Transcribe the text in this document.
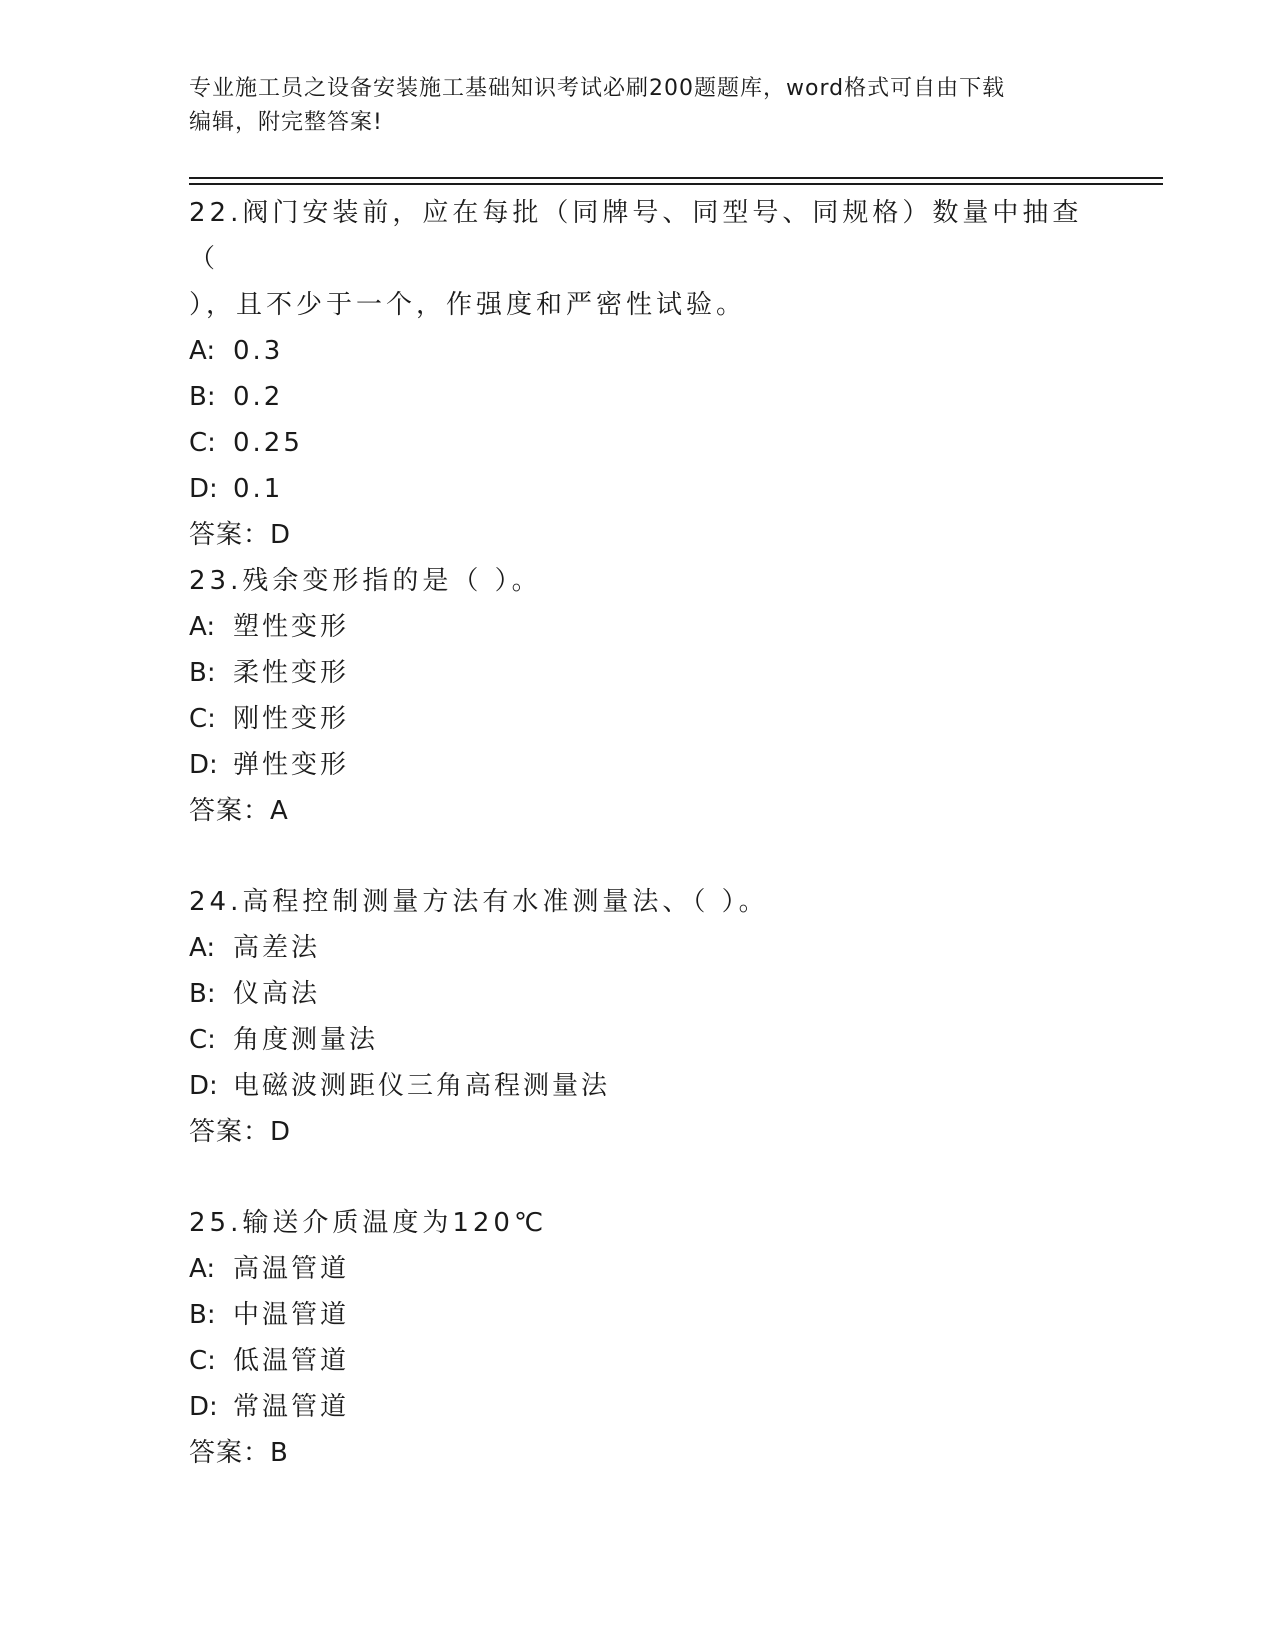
专业施工员之设备安装施工基础知识考试必刷200题题库，word格式可自由下载
编辑，附完整答案!

22.阀门安装前，应在每批（同牌号、同型号、同规格）数量中抽查（

），且不少于一个，作强度和严密性试验。

A: 0.3

B: 0.2

C: 0.25

D: 0.1

答案：D

23.残余变形指的是（ ）。

A: 塑性变形

B: 柔性变形

C: 刚性变形

D: 弹性变形

答案：A

24.高程控制测量方法有水准测量法、（ ）。

A: 高差法

B: 仪高法

C: 角度测量法

D: 电磁波测距仪三角高程测量法

答案：D

25.输送介质温度为120℃

A: 高温管道

B: 中温管道

C: 低温管道

D: 常温管道

答案：B
